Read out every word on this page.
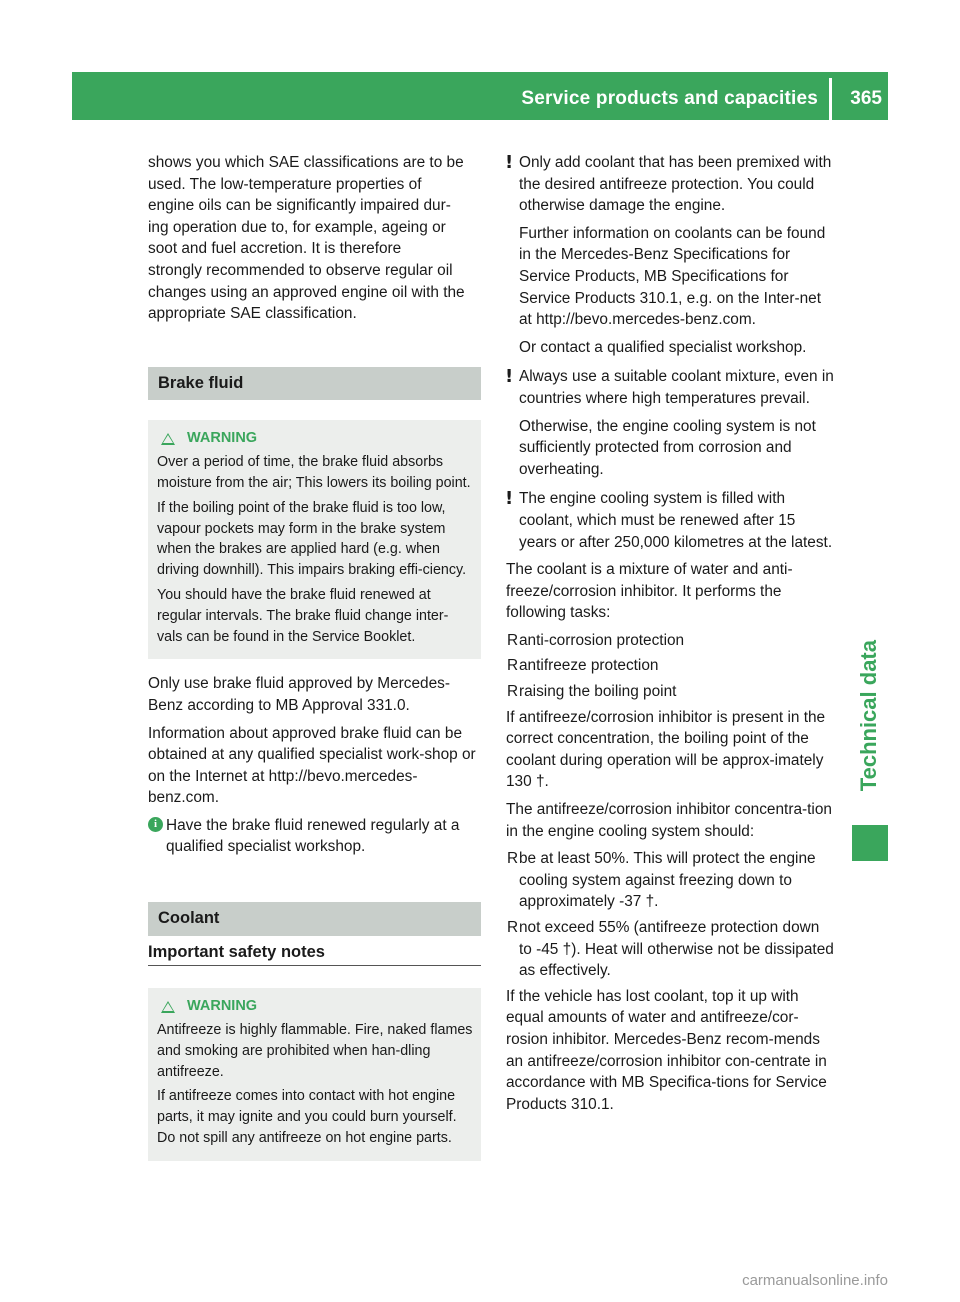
Service products and capacities 365
Technical data
shows you which SAE classifications are to be
used. The low-temperature properties of
engine oils can be significantly impaired dur-
ing operation due to, for example, ageing or
soot and fuel accretion. It is therefore
strongly recommended to observe regular oil
changes using an approved engine oil with the
appropriate SAE classification.
Brake fluid
WARNING

Over a period of time, the brake fluid absorbs moisture from the air; This lowers its boiling point.

If the boiling point of the brake fluid is too low, vapour pockets may form in the brake system when the brakes are applied hard (e.g. when driving downhill). This impairs braking effi-ciency.

You should have the brake fluid renewed at regular intervals. The brake fluid change inter-vals can be found in the Service Booklet.

Only use brake fluid approved by Mercedes-Benz according to MB Approval 331.0.

Information about approved brake fluid can be obtained at any qualified specialist work-shop or on the Internet at http://bevo.mercedes-benz.com.

i Have the brake fluid renewed regularly at a qualified specialist workshop.
Coolant
Important safety notes
WARNING

Antifreeze is highly flammable. Fire, naked flames and smoking are prohibited when han-dling antifreeze.

If antifreeze comes into contact with hot engine parts, it may ignite and you could burn yourself. Do not spill any antifreeze on hot engine parts.

! Only add coolant that has been premixed with the desired antifreeze protection. You could otherwise damage the engine.

Further information on coolants can be found in the Mercedes-Benz Specifications for Service Products, MB Specifications for Service Products 310.1, e.g. on the Inter-net at http://bevo.mercedes-benz.com.

Or contact a qualified specialist workshop.

! Always use a suitable coolant mixture, even in countries where high temperatures prevail.

Otherwise, the engine cooling system is not sufficiently protected from corrosion and overheating.

! The engine cooling system is filled with coolant, which must be renewed after 15 years or after 250,000 kilometres at the latest.

The coolant is a mixture of water and anti-freeze/corrosion inhibitor. It performs the following tasks:

R anti-corrosion protection
R antifreeze protection
R raising the boiling point

If antifreeze/corrosion inhibitor is present in the correct concentration, the boiling point of the coolant during operation will be approx-imately 130 †.

The antifreeze/corrosion inhibitor concentra-tion in the engine cooling system should:

R be at least 50%. This will protect the engine cooling system against freezing down to approximately -37 †.
R not exceed 55% (antifreeze protection down to -45 †). Heat will otherwise not be dissipated as effectively.

If the vehicle has lost coolant, top it up with equal amounts of water and antifreeze/cor-rosion inhibitor. Mercedes-Benz recom-mends an antifreeze/corrosion inhibitor con-centrate in accordance with MB Specifica-tions for Service Products 310.1.

carmanualsonline.info
